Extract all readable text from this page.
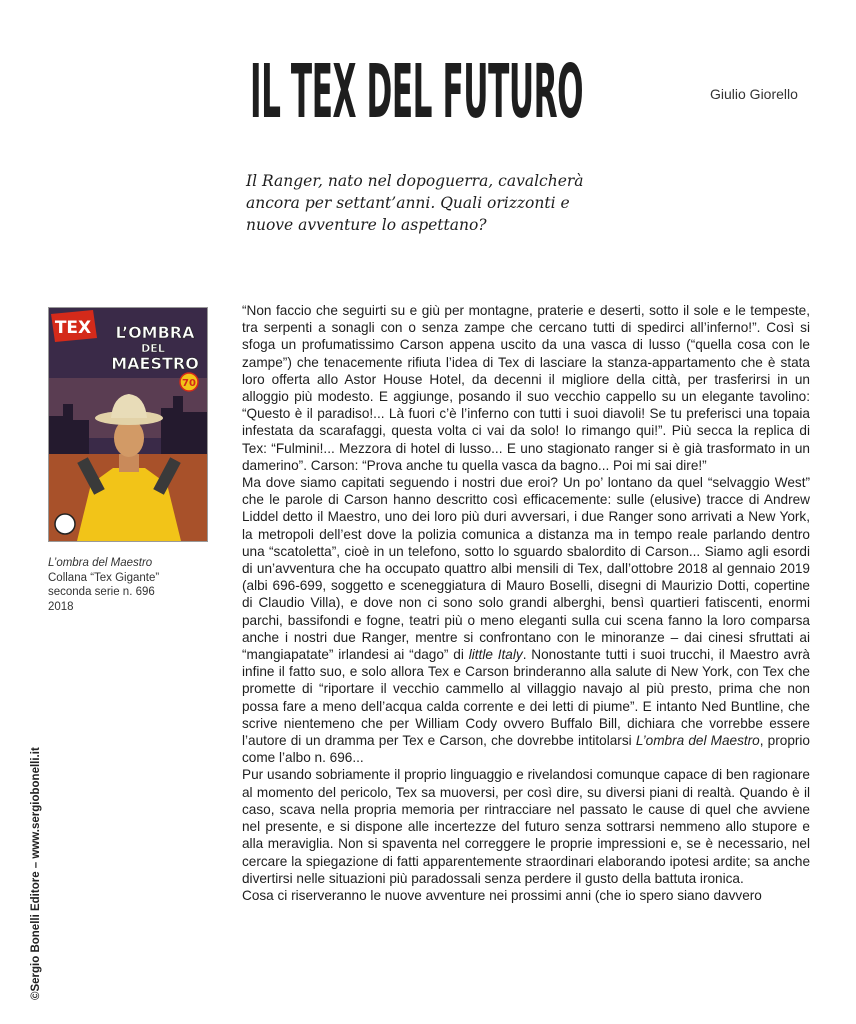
IL TEX DEL FUTURO	Giulio Giorello

Il Ranger, nato nel dopoguerra, cavalcherà ancora per settant’anni. Quali orizzonti e nuove avventure lo aspettano?

TEX L’OMBRA
DEL
MAESTRO
70
L’ombra del Maestro
Collana “Tex Gigante”
seconda serie n. 696
2018
©Sergio Bonelli Editore – www.sergiobonelli.it

“Non faccio che seguirti su e giù per montagne, praterie e deserti, sotto il sole e le tempeste, tra serpenti a sonagli con o senza zampe che cercano tutti di spedirci all’inferno!”. Così si sfoga un profumatissimo Carson appena uscito da una vasca di lusso (“quella cosa con le zampe”) che tenacemente rifiuta l’idea di Tex di lasciare la stanza-appartamento che è stata loro offerta allo Astor House Hotel, da decenni il migliore della città, per trasferirsi in un alloggio più modesto. E aggiunge, posando il suo vecchio cappello su un elegante tavolino: “Questo è il paradiso!... Là fuori c’è l’inferno con tutti i suoi diavoli! Se tu preferisci una topaia infestata da scarafaggi, questa volta ci vai da solo! Io rimango qui!”. Più secca la replica di Tex: “Fulmini!... Mezzora di hotel di lusso... E uno stagionato ranger si è già trasformato in un damerino”. Carson: “Prova anche tu quella vasca da bagno... Poi mi sai dire!”

Ma dove siamo capitati seguendo i nostri due eroi? Un po’ lontano da quel “selvaggio West” che le parole di Carson hanno descritto così efficacemente: sulle (elusive) tracce di Andrew Liddel detto il Maestro, uno dei loro più duri avversari, i due Ranger sono arrivati a New York, la metropoli dell’est dove la polizia comunica a distanza ma in tempo reale parlando dentro una “scatoletta”, cioè in un telefono, sotto lo sguardo sbalordito di Carson... Siamo agli esordi di un’avventura che ha occupato quattro albi mensili di Tex, dall’ottobre 2018 al gennaio 2019 (albi 696-699, soggetto e sceneggiatura di Mauro Boselli, disegni di Maurizio Dotti, copertine di Claudio Villa), e dove non ci sono solo grandi alberghi, bensì quartieri fatiscenti, enormi parchi, bassifondi e fogne, teatri più o meno eleganti sulla cui scena fanno la loro comparsa anche i nostri due Ranger, mentre si confrontano con le minoranze – dai cinesi sfruttati ai “mangiapatate” irlandesi ai “dago” di little Italy. Nonostante tutti i suoi trucchi, il Maestro avrà infine il fatto suo, e solo allora Tex e Carson brinderanno alla salute di New York, con Tex che promette di “riportare il vecchio cammello al villaggio navajo al più presto, prima che non possa fare a meno dell’acqua calda corrente e dei letti di piume”. E intanto Ned Buntline, che scrive nientemeno che per William Cody ovvero Buffalo Bill, dichiara che vorrebbe essere l’autore di un dramma per Tex e Carson, che dovrebbe intitolarsi L’ombra del Maestro, proprio come l’albo n. 696...

Pur usando sobriamente il proprio linguaggio e rivelandosi comunque capace di ben ragionare al momento del pericolo, Tex sa muoversi, per così dire, su diversi piani di realtà. Quando è il caso, scava nella propria memoria per rintracciare nel passato le cause di quel che avviene nel presente, e si dispone alle incertezze del futuro senza sottrarsi nemmeno allo stupore e alla meraviglia. Non si spaventa nel correggere le proprie impressioni e, se è necessario, nel cercare la spiegazione di fatti apparentemente straordinari elaborando ipotesi ardite; sa anche divertirsi nelle situazioni più paradossali senza perdere il gusto della battuta ironica.

Cosa ci riserveranno le nuove avventure nei prossimi anni (che io spero siano davvero
